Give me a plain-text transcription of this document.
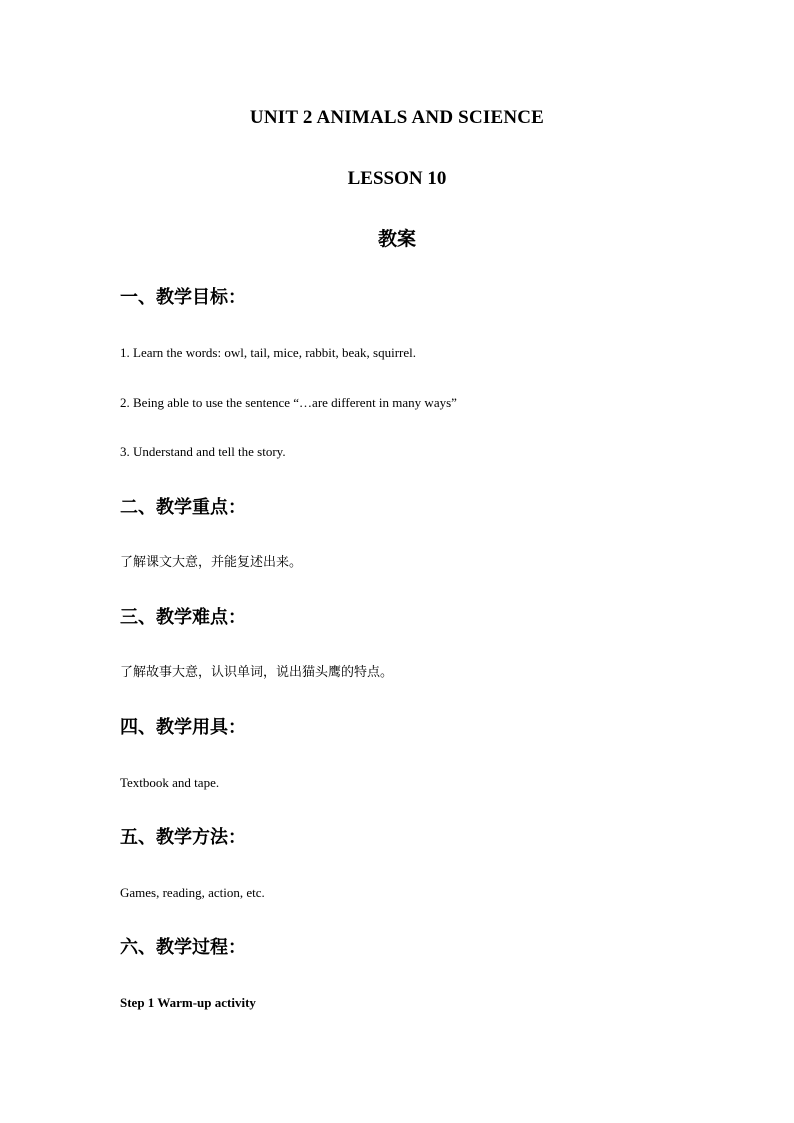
UNIT 2 ANIMALS AND SCIENCE
LESSON 10
教案
一、教学目标：
1. Learn the words: owl, tail, mice, rabbit, beak, squirrel.
2. Being able to use the sentence “…are different in many ways”
3. Understand and tell the story.
二、教学重点：
了解课文大意，并能复述出来。
三、教学难点：
了解故事大意，认识单词，说出猫头鹰的特点。
四、教学用具：
Textbook and tape.
五、教学方法：
Games, reading, action, etc.
六、教学过程：
Step 1 Warm-up activity
